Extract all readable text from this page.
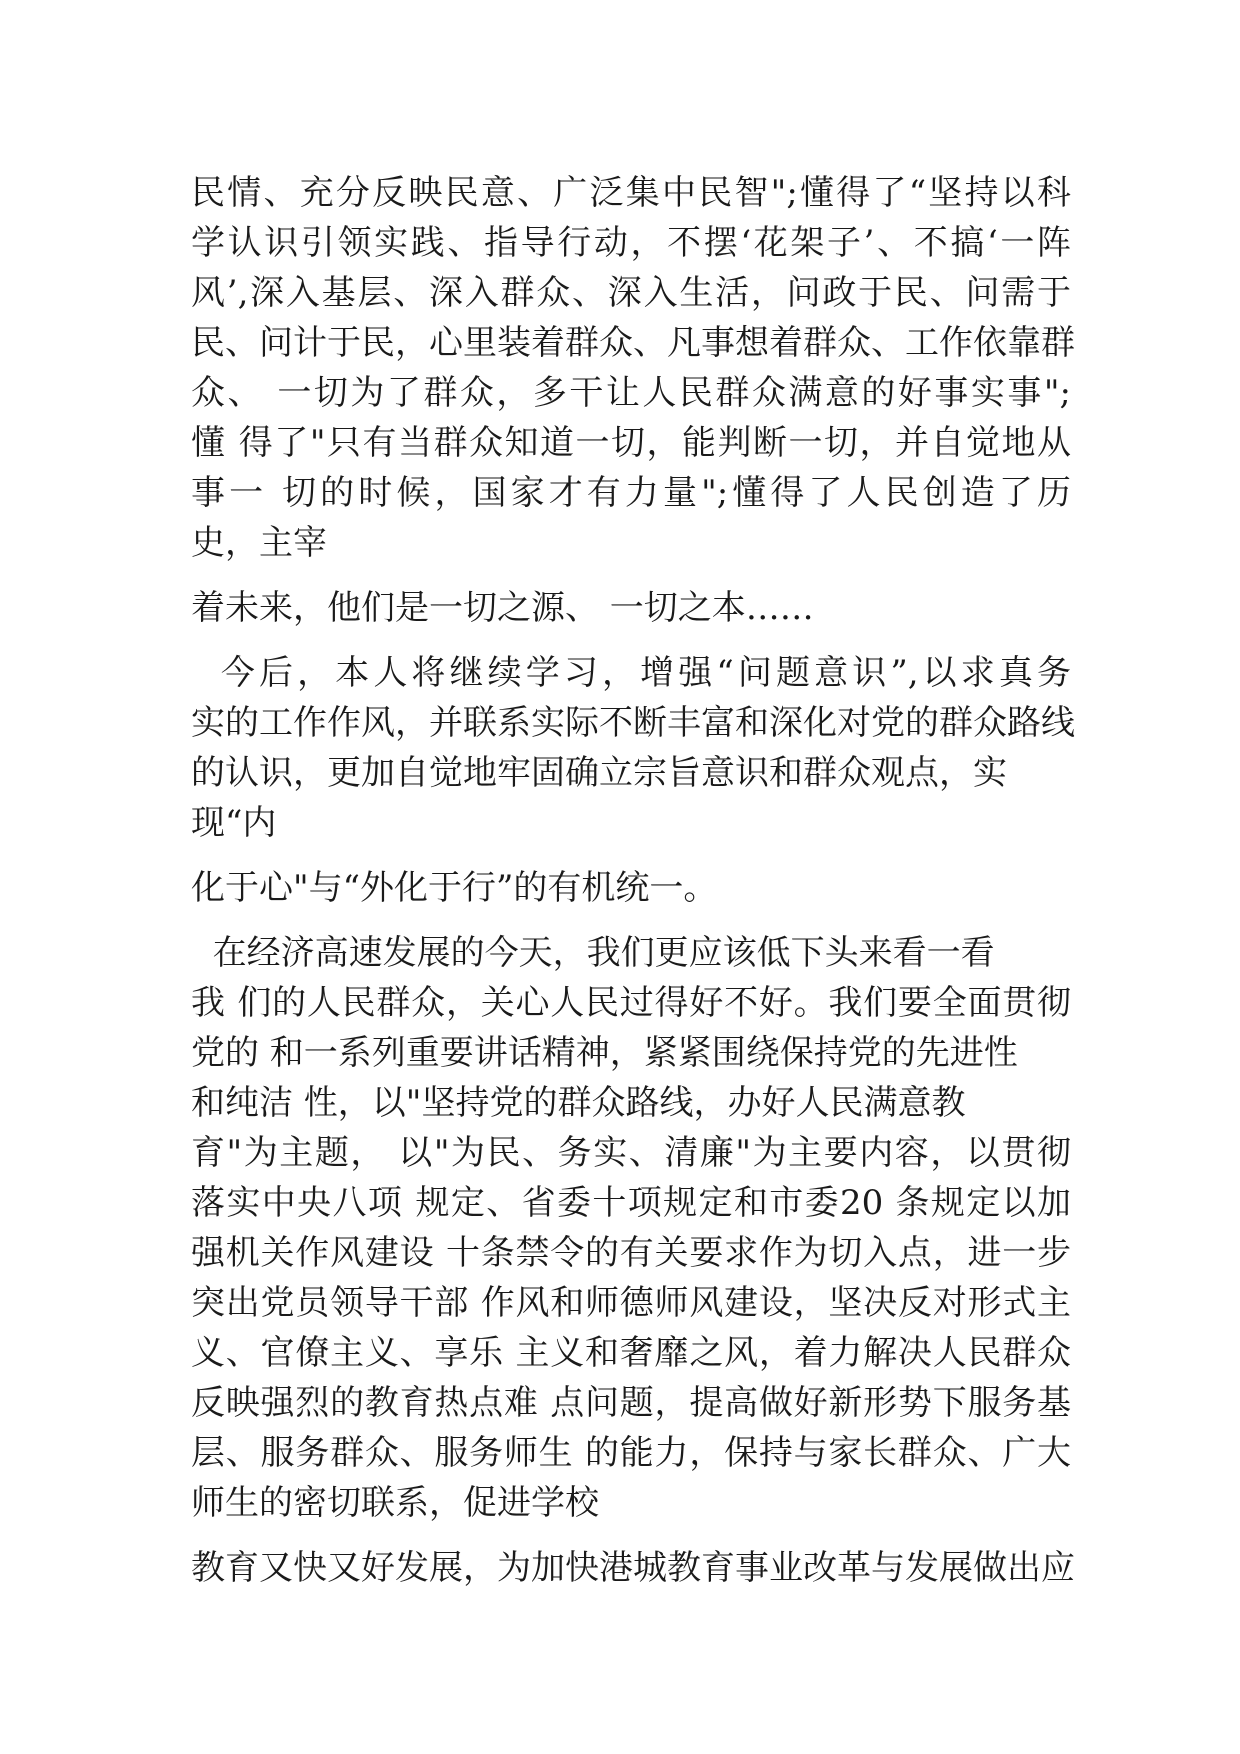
民情、充分反映民意、广泛集中民智";懂得了“坚持以科
学认识引领实践、指导行动，不摆‘花架子’、不搞‘一阵
风’,深入基层、深入群众、深入生活，问政于民、问需于
民、问计于民，心里装着群众、凡事想着群众、工作依靠群
众、 一切为了群众，多干让人民群众满意的好事实事";
懂 得了"只有当群众知道一切，能判断一切，并自觉地从
事一 切的时候，国家才有力量";懂得了人民创造了历
史，主宰
着未来，他们是一切之源、 一切之本……
今后，本人将继续学习，增强“问题意识”,以求真务
实的工作作风，并联系实际不断丰富和深化对党的群众路线
的认识，更加自觉地牢固确立宗旨意识和群众观点，实
现“内
化于心"与“外化于行”的有机统一。
在经济高速发展的今天，我们更应该低下头来看一看
我 们的人民群众，关心人民过得好不好。我们要全面贯彻
党的 和一系列重要讲话精神，紧紧围绕保持党的先进性
和纯洁 性，以"坚持党的群众路线，办好人民满意教
育"为主题， 以"为民、务实、清廉"为主要内容，以贯彻
落实中央八项 规定、省委十项规定和市委20 条规定以加
强机关作风建设 十条禁令的有关要求作为切入点，进一步
突出党员领导干部 作风和师德师风建设，坚决反对形式主
义、官僚主义、享乐 主义和奢靡之风，着力解决人民群众
反映强烈的教育热点难 点问题，提高做好新形势下服务基
层、服务群众、服务师生 的能力，保持与家长群众、广大
师生的密切联系，促进学校
教育又快又好发展，为加快港城教育事业改革与发展做出应
